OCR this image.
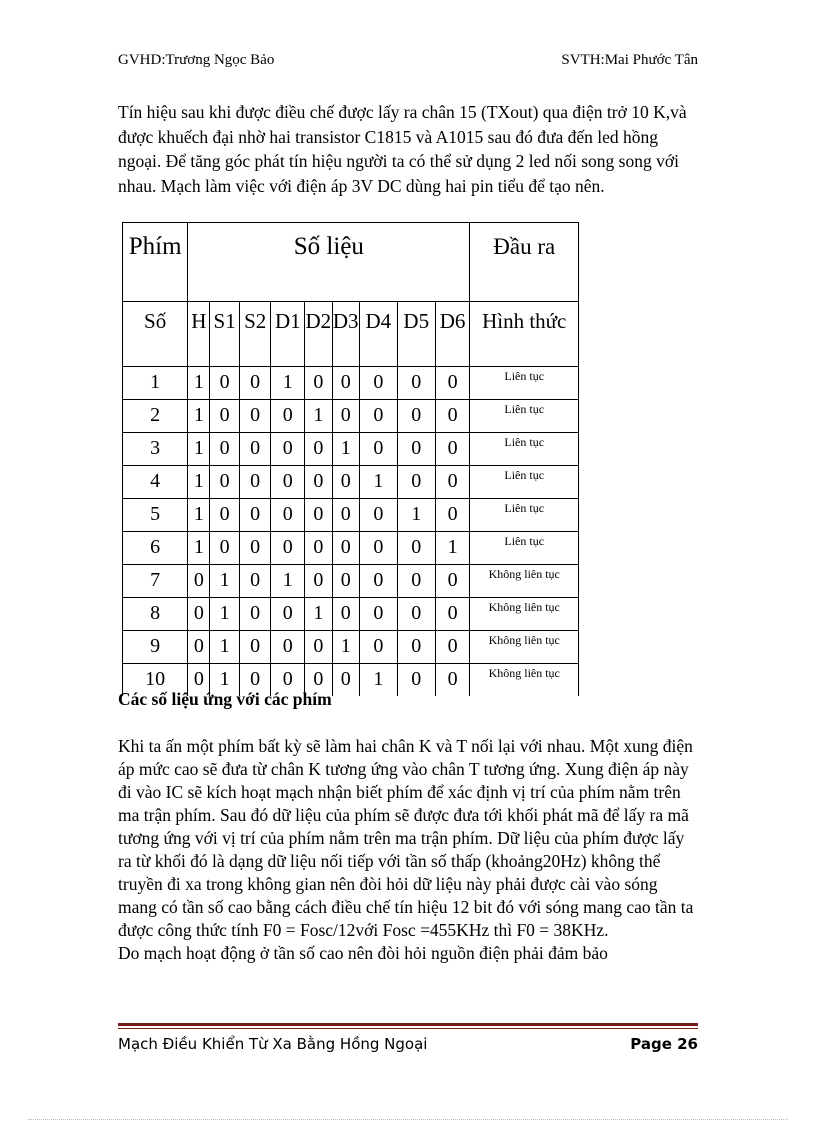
GVHD:Trương Ngọc Bảo	SVTH:Mai Phước Tân

Tín hiệu sau khi được điều chế được lấy ra chân 15 (TXout) qua điện trở 10 K,và được khuếch đại nhờ hai transistor C1815 và A1015 sau đó đưa đến led hồng ngoại. Để tăng góc phát tín hiệu người ta có thể sử dụng 2 led nối song song với nhau. Mạch làm việc với điện áp 3V DC dùng hai pin tiểu để tạo nên.

Phím	Số liệu									Đầu ra
Số	H	S1	S2	D1	D2	D3	D4	D5	D6	Hình thức
1	1	0	0	1	0	0	0	0	0	Liên tục
2	1	0	0	0	1	0	0	0	0	Liên tục
3	1	0	0	0	0	1	0	0	0	Liên tục
4	1	0	0	0	0	0	1	0	0	Liên tục
5	1	0	0	0	0	0	0	1	0	Liên tục
6	1	0	0	0	0	0	0	0	1	Liên tục
7	0	1	0	1	0	0	0	0	0	Không liên tục
8	0	1	0	0	1	0	0	0	0	Không liên tục
9	0	1	0	0	0	1	0	0	0	Không liên tục
10	0	1	0	0	0	0	1	0	0	Không liên tục

Các số liệu ứng với các phím

Khi ta ấn một phím bất kỳ sẽ làm hai chân K và T nối lại với nhau. Một xung điện áp mức cao sẽ đưa từ chân K tương ứng vào chân T tương ứng. Xung điện áp này đi vào IC sẽ kích hoạt mạch nhận biết phím để xác định vị trí của phím nằm trên ma trận phím. Sau đó dữ liệu của phím sẽ được đưa tới khối phát mã để lấy ra mã tương ứng với vị trí của phím nằm trên ma trận phím. Dữ liệu của phím được lấy ra từ khối đó là dạng dữ liệu nối tiếp với tần số thấp (khoảng20Hz) không thể truyền đi xa trong không gian nên đòi hỏi dữ liệu này phải được cài vào sóng mang có tần số cao bằng cách điều chế tín hiệu 12 bit đó với sóng mang cao tần ta được công thức tính F0 = Fosc/12với Fosc =455KHz thì F0 = 38KHz.
Do mạch hoạt động ở tần số cao nên đòi hỏi nguồn điện phải đảm bảo
Mạch Điều Khiển Từ Xa Bằng Hồng Ngoại	Page 26
